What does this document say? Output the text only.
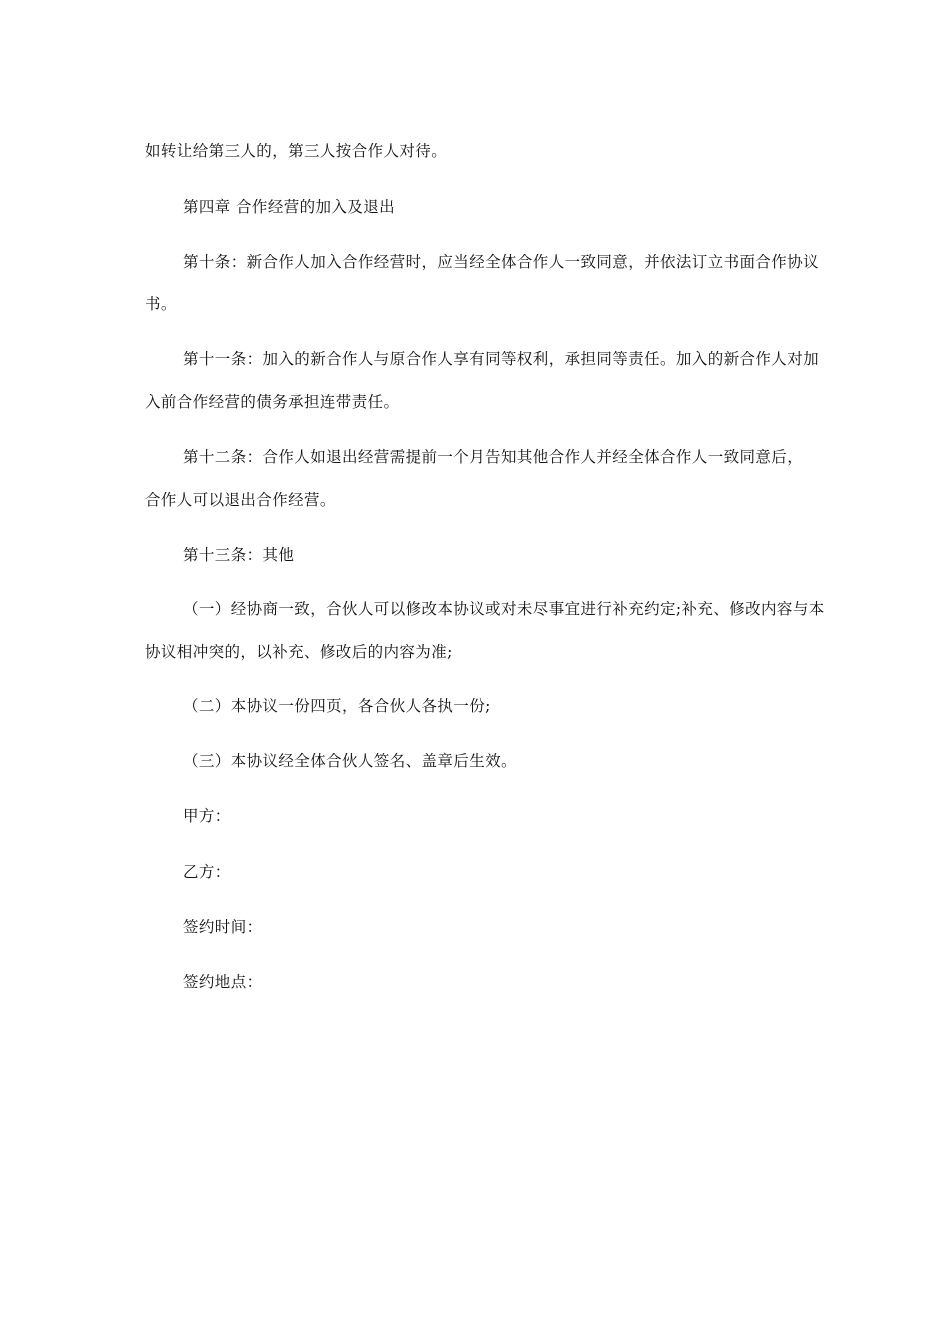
如转让给第三人的，第三人按合作人对待。
第四章 合作经营的加入及退出
第十条：新合作人加入合作经营时，应当经全体合作人一致同意，并依法订立书面合作协议
书。
第十一条：加入的新合作人与原合作人享有同等权利，承担同等责任。加入的新合作人对加
入前合作经营的债务承担连带责任。
第十二条：合作人如退出经营需提前一个月告知其他合作人并经全体合作人一致同意后，
合作人可以退出合作经营。
第十三条：其他
（一）经协商一致，合伙人可以修改本协议或对未尽事宜进行补充约定;补充、修改内容与本
协议相冲突的，以补充、修改后的内容为准;
（二）本协议一份四页，各合伙人各执一份;
（三）本协议经全体合伙人签名、盖章后生效。
甲方：
乙方：
签约时间：
签约地点：
